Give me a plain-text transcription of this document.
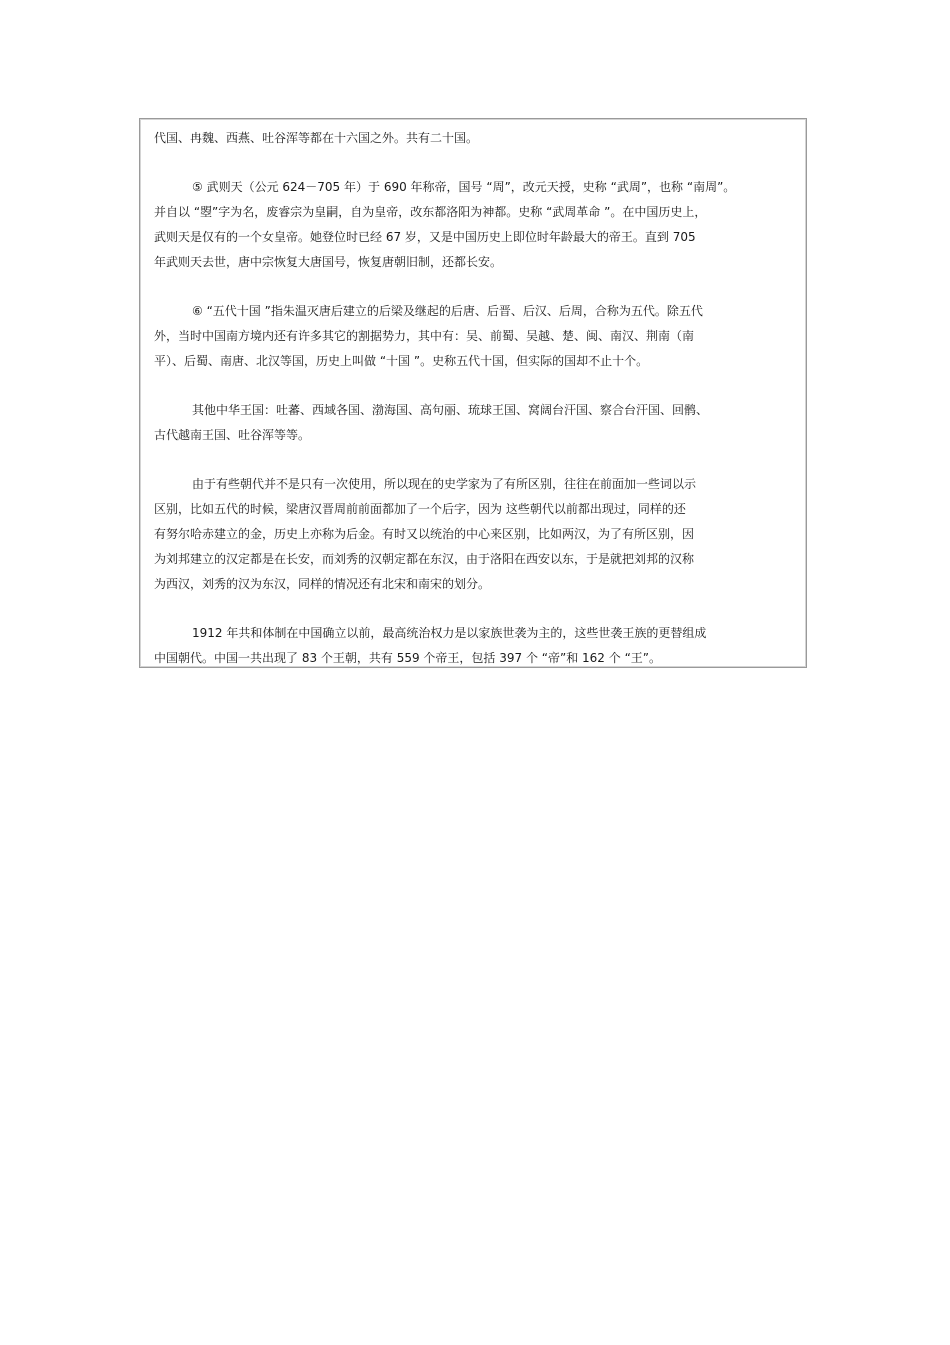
代国、冉魏、西燕、吐谷浑等都在十六国之外。共有二十国。
⑤ 武则天（公元 624－705 年）于 690 年称帝，国号 “周”，改元天授，史称 “武周”，也称 “南周”。
并自以 “曌”字为名，废睿宗为皇嗣，自为皇帝，改东都洛阳为神都。史称 “武周革命 ”。在中国历史上，
武则天是仅有的一个女皇帝。她登位时已经 67 岁，又是中国历史上即位时年龄最大的帝王。直到 705
年武则天去世，唐中宗恢复大唐国号，恢复唐朝旧制，还都长安。
⑥ “五代十国 ”指朱温灭唐后建立的后梁及继起的后唐、后晋、后汉、后周，合称为五代。除五代
外，当时中国南方境内还有许多其它的割据势力，其中有：吴、前蜀、吴越、楚、闽、南汉、荆南（南
平）、后蜀、南唐、北汉等国，历史上叫做 “十国 ”。史称五代十国，但实际的国却不止十个。
其他中华王国：吐蕃、西域各国、渤海国、高句丽、琉球王国、窝阔台汗国、察合台汗国、回鹘、
古代越南王国、吐谷浑等等。
由于有些朝代并不是只有一次使用，所以现在的史学家为了有所区别，往往在前面加一些词以示
区别，比如五代的时候，梁唐汉晋周前前面都加了一个后字，因为 这些朝代以前都出现过，同样的还
有努尔哈赤建立的金，历史上亦称为后金。有时又以统治的中心来区别，比如两汉，为了有所区别，因
为刘邦建立的汉定都是在长安，而刘秀的汉朝定都在东汉，由于洛阳在西安以东，于是就把刘邦的汉称
为西汉，刘秀的汉为东汉，同样的情况还有北宋和南宋的划分。
1912 年共和体制在中国确立以前，最高统治权力是以家族世袭为主的，这些世袭王族的更替组成
中国朝代。中国一共出现了 83 个王朝，共有 559 个帝王，包括 397 个 “帝”和 162 个 “王”。
